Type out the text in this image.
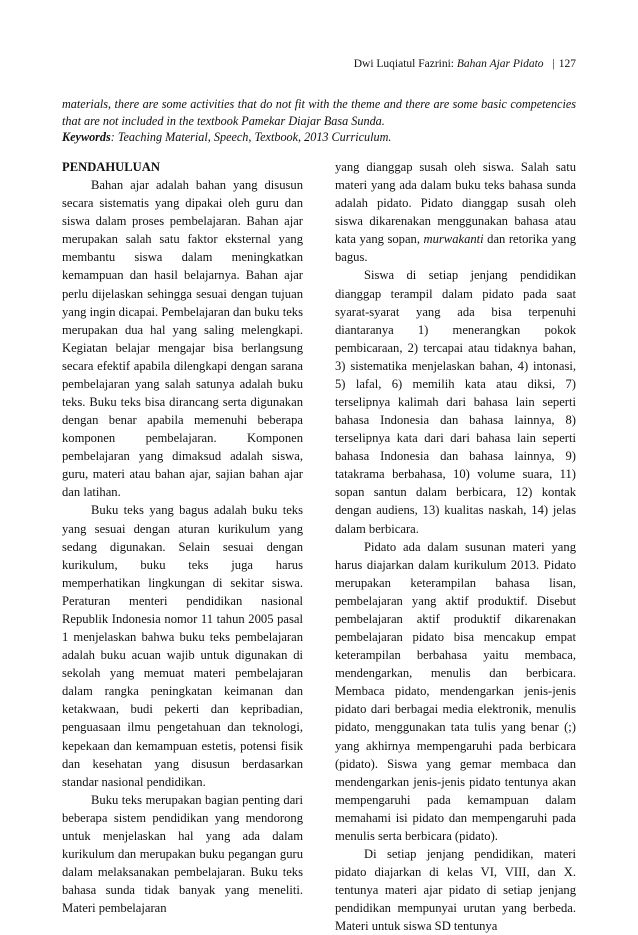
Dwi Luqiatul Fazrini: Bahan Ajar Pidato | 127

materials, there are some activities that do not fit with the theme and there are some basic competencies that are not included in the textbook Pamekar Diajar Basa Sunda.

Keywords: Teaching Material, Speech, Textbook, 2013 Curriculum.

PENDAHULUAN

Bahan ajar adalah bahan yang disusun secara sistematis yang dipakai oleh guru dan siswa dalam proses pembelajaran. Bahan ajar merupakan salah satu faktor eksternal yang membantu siswa dalam meningkatkan kemampuan dan hasil belajarnya. Bahan ajar perlu dijelaskan sehingga sesuai dengan tujuan yang ingin dicapai. Pembelajaran dan buku teks merupakan dua hal yang saling melengkapi. Kegiatan belajar mengajar bisa berlangsung secara efektif apabila dilengkapi dengan sarana pembelajaran yang salah satunya adalah buku teks. Buku teks bisa dirancang serta digunakan dengan benar apabila memenuhi beberapa komponen pembelajaran. Komponen pembelajaran yang dimaksud adalah siswa, guru, materi atau bahan ajar, sajian bahan ajar dan latihan.

Buku teks yang bagus adalah buku teks yang sesuai dengan aturan kurikulum yang sedang digunakan. Selain sesuai dengan kurikulum, buku teks juga harus memperhatikan lingkungan di sekitar siswa. Peraturan menteri pendidikan nasional Republik Indonesia nomor 11 tahun 2005 pasal 1 menjelaskan bahwa buku teks pembelajaran adalah buku acuan wajib untuk digunakan di sekolah yang memuat materi pembelajaran dalam rangka peningkatan keimanan dan ketakwaan, budi pekerti dan kepribadian, penguasaan ilmu pengetahuan dan teknologi, kepekaan dan kemampuan estetis, potensi fisik dan kesehatan yang disusun berdasarkan standar nasional pendidikan.

Buku teks merupakan bagian penting dari beberapa sistem pendidikan yang mendorong untuk menjelaskan hal yang ada dalam kurikulum dan merupakan buku pegangan guru dalam melaksanakan pembelajaran. Buku teks bahasa sunda tidak banyak yang meneliti. Materi pembelajaran

yang dianggap susah oleh siswa. Salah satu materi yang ada dalam buku teks bahasa sunda adalah pidato. Pidato dianggap susah oleh siswa dikarenakan menggunakan bahasa atau kata yang sopan, murwakanti dan retorika yang bagus.

Siswa di setiap jenjang pendidikan dianggap terampil dalam pidato pada saat syarat-syarat yang ada bisa terpenuhi diantaranya 1) menerangkan pokok pembicaraan, 2) tercapai atau tidaknya bahan, 3) sistematika menjelaskan bahan, 4) intonasi, 5) lafal, 6) memilih kata atau diksi, 7) terselipnya kalimah dari bahasa lain seperti bahasa Indonesia dan bahasa lainnya, 8) terselipnya kata dari dari bahasa lain seperti bahasa Indonesia dan bahasa lainnya, 9) tatakrama berbahasa, 10) volume suara, 11) sopan santun dalam berbicara, 12) kontak dengan audiens, 13) kualitas naskah, 14) jelas dalam berbicara.

Pidato ada dalam susunan materi yang harus diajarkan dalam kurikulum 2013. Pidato merupakan keterampilan bahasa lisan, pembelajaran yang aktif produktif. Disebut pembelajaran aktif produktif dikarenakan pembelajaran pidato bisa mencakup empat keterampilan berbahasa yaitu membaca, mendengarkan, menulis dan berbicara. Membaca pidato, mendengarkan jenis-jenis pidato dari berbagai media elektronik, menulis pidato, menggunakan tata tulis yang benar (;) yang akhirnya mempengaruhi pada berbicara (pidato). Siswa yang gemar membaca dan mendengarkan jenis-jenis pidato tentunya akan mempengaruhi pada kemampuan dalam memahami isi pidato dan mempengaruhi pada menulis serta berbicara (pidato).

Di setiap jenjang pendidikan, materi pidato diajarkan di kelas VI, VIII, dan X. tentunya materi ajar pidato di setiap jenjang pendidikan mempunyai urutan yang berbeda. Materi untuk siswa SD tentunya
